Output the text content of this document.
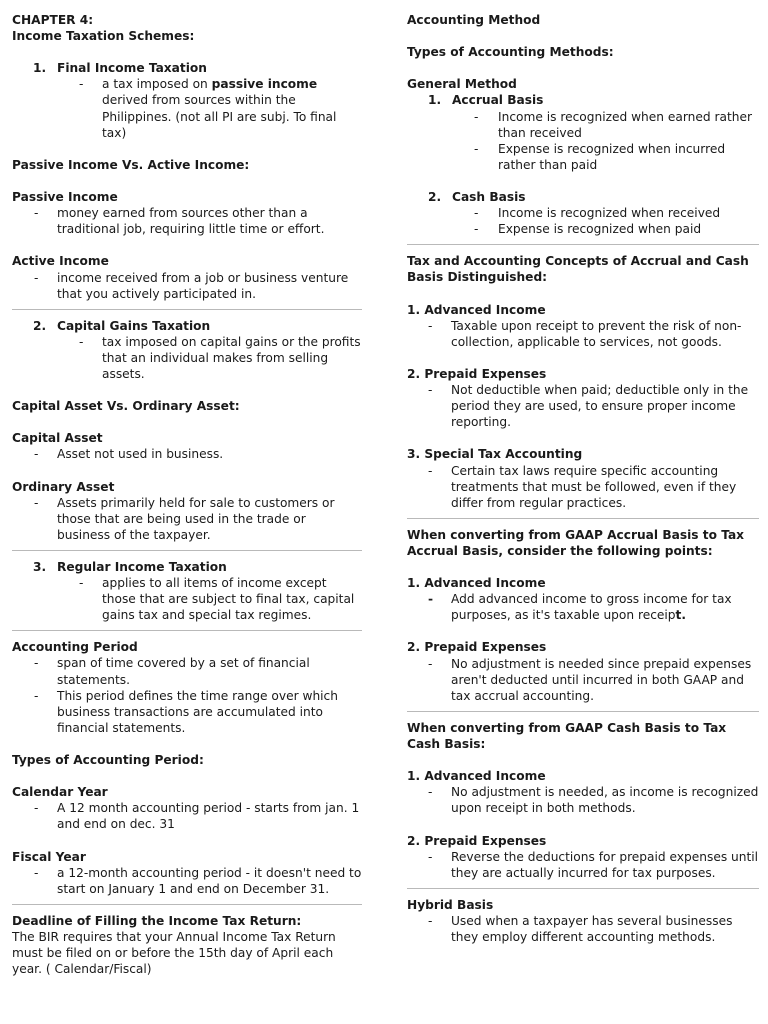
CHAPTER 4:
Income Taxation Schemes:
1. Final Income Taxation
-	a tax imposed on passive income derived from sources within the Philippines. (not all PI are subj. To final tax)
Passive Income Vs. Active Income:
Passive Income
-	money earned from sources other than a traditional job, requiring little time or effort.
Active Income
-	income received from a job or business venture that you actively participated in.
2. Capital Gains Taxation
-	tax imposed on capital gains or the profits that an individual makes from selling assets.
Capital Asset Vs. Ordinary Asset:
Capital Asset
-	Asset not used in business.
Ordinary Asset
-	Assets primarily held for sale to customers or those that are being used in the trade or business of the taxpayer.
3. Regular Income Taxation
-	applies to all items of income except those that are subject to final tax, capital gains tax and special tax regimes.
Accounting Period
-	span of time covered by a set of financial statements.
-	This period defines the time range over which business transactions are accumulated into financial statements.
Types of Accounting Period:
Calendar Year
-	A 12 month accounting period - starts from jan. 1 and end on dec. 31
Fiscal Year
-	a 12-month accounting period - it doesn't need to start on January 1 and end on December 31.
Deadline of Filling the Income Tax Return:
The BIR requires that your Annual Income Tax Return must be filed on or before the 15th day of April each year. ( Calendar/Fiscal)
Accounting Method
Types of Accounting Methods:
General Method
1. Accrual Basis
-	Income is recognized when earned rather than received
-	Expense is recognized when incurred rather than paid
2. Cash Basis
-	Income is recognized when received
-	Expense is recognized when paid
Tax and Accounting Concepts of Accrual and Cash Basis Distinguished:
1. Advanced Income
-	Taxable upon receipt to prevent the risk of non-collection, applicable to services, not goods.
2. Prepaid Expenses
-	Not deductible when paid; deductible only in the period they are used, to ensure proper income reporting.
3. Special Tax Accounting
-	Certain tax laws require specific accounting treatments that must be followed, even if they differ from regular practices.
When converting from GAAP Accrual Basis to Tax Accrual Basis, consider the following points:
1. Advanced Income
-	Add advanced income to gross income for tax purposes, as it's taxable upon receipt.
2. Prepaid Expenses
-	No adjustment is needed since prepaid expenses aren't deducted until incurred in both GAAP and tax accrual accounting.
When converting from GAAP Cash Basis to Tax Cash Basis:
1. Advanced Income
-	No adjustment is needed, as income is recognized upon receipt in both methods.
2. Prepaid Expenses
-	Reverse the deductions for prepaid expenses until they are actually incurred for tax purposes.
Hybrid Basis
-	Used when a taxpayer has several businesses they employ different accounting methods.
